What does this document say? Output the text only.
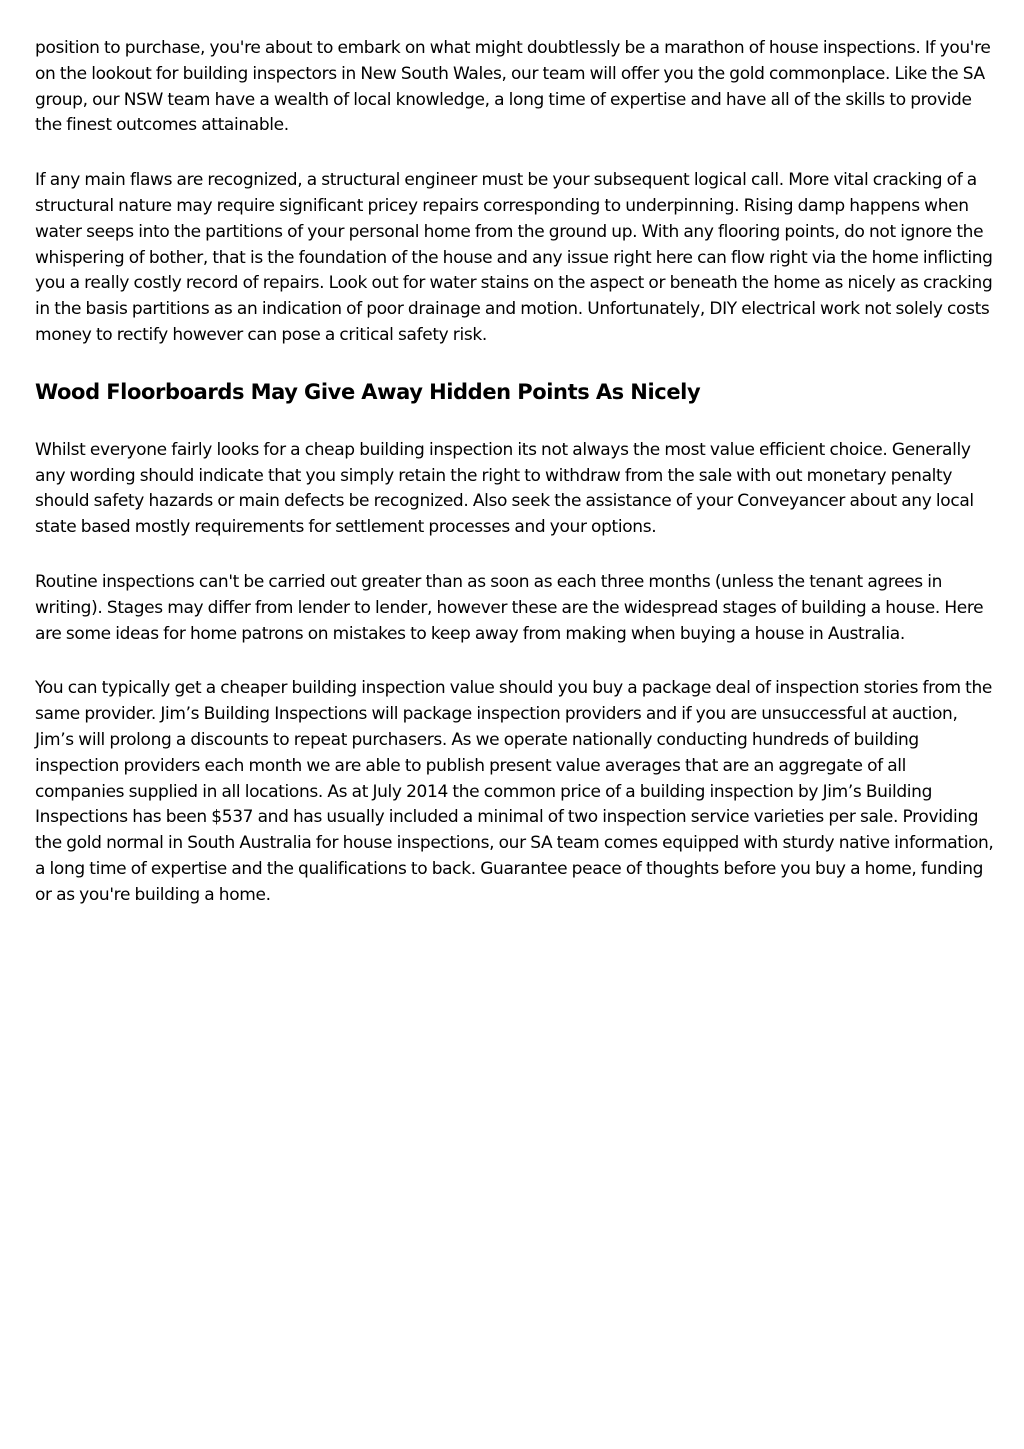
position to purchase, you're about to embark on what might doubtlessly be a marathon of house inspections. If you're on the lookout for building inspectors in New South Wales, our team will offer you the gold commonplace. Like the SA group, our NSW team have a wealth of local knowledge, a long time of expertise and have all of the skills to provide the finest outcomes attainable.

If any main flaws are recognized, a structural engineer must be your subsequent logical call. More vital cracking of a structural nature may require significant pricey repairs corresponding to underpinning. Rising damp happens when water seeps into the partitions of your personal home from the ground up. With any flooring points, do not ignore the whispering of bother, that is the foundation of the house and any issue right here can flow right via the home inflicting you a really costly record of repairs. Look out for water stains on the aspect or beneath the home as nicely as cracking in the basis partitions as an indication of poor drainage and motion. Unfortunately, DIY electrical work not solely costs money to rectify however can pose a critical safety risk.

Wood Floorboards May Give Away Hidden Points As Nicely

Whilst everyone fairly looks for a cheap building inspection its not always the most value efficient choice. Generally any wording should indicate that you simply retain the right to withdraw from the sale with out monetary penalty should safety hazards or main defects be recognized. Also seek the assistance of your Conveyancer about any local state based mostly requirements for settlement processes and your options.

Routine inspections can't be carried out greater than as soon as each three months (unless the tenant agrees in writing). Stages may differ from lender to lender, however these are the widespread stages of building a house. Here are some ideas for home patrons on mistakes to keep away from making when buying a house in Australia.

You can typically get a cheaper building inspection value should you buy a package deal of inspection stories from the same provider. Jim’s Building Inspections will package inspection providers and if you are unsuccessful at auction, Jim’s will prolong a discounts to repeat purchasers. As we operate nationally conducting hundreds of building inspection providers each month we are able to publish present value averages that are an aggregate of all companies supplied in all locations. As at July 2014 the common price of a building inspection by Jim’s Building Inspections has been $537 and has usually included a minimal of two inspection service varieties per sale. Providing the gold normal in South Australia for house inspections, our SA team comes equipped with sturdy native information, a long time of expertise and the qualifications to back. Guarantee peace of thoughts before you buy a home, funding or as you're building a home.
